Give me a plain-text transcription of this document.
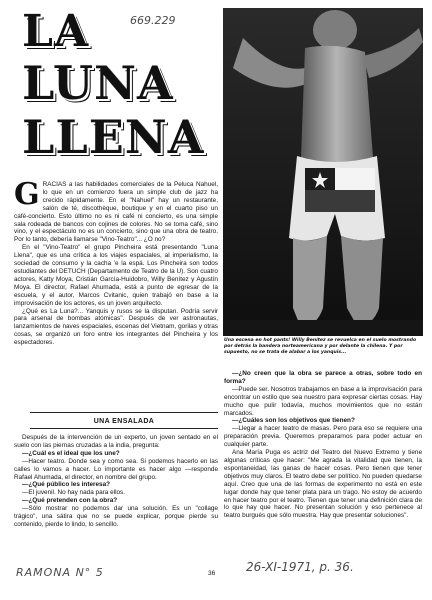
669.229
LA
LUNA
LLENA

Una escena en hot pants! Willy Benítez se revuelca en el suelo mostrando por detrás la bandera norteamericana y por delante la chilena. Y por supuesto, no se trata de alabar a los yanquis...

G RACIAS a las habilidades comerciales de la Peluca Nahuel, lo que en un comienzo fuera un simple club de jazz ha crecido rápidamente. En el "Nahuel" hay un restaurante, salón de té, discothèque, boutique y en el cuarto piso un café-concierto. Esto último no es ni café ni concierto, es una simple sala rodeada de bancos con cojines de colores. No se toma café, sino vino, y el espectáculo no es un concierto, sino que una obra de teatro. Por lo tanto, debería llamarse "Vino-Teatro"... ¿O no?

En el "Vino-Teatro" el grupo Pincheira está presentando "Luna Llena", que es una crítica a los viajes espaciales, al imperialismo, la sociedad de consumo y la cacha 'e la espá. Los Pincheira son todos estudiantes del DETUCH (Departamento de Teatro de la U). Son cuatro actores, Katty Moya, Cristián García-Huidobro, Willy Benítez y Agustín Moya. El director, Rafael Ahumada, está a punto de egresar de la escuela, y el autor, Marcos Cvitanic, quien trabajó en base a la improvisación de los actores, es un joven arquitecto.

¿Qué es La Luna?... Yanquis y rusos se la disputan. Podría servir para arsenal de bombas atómicas". Después de ver astronautas, lanzamientos de naves espaciales, escenas del Vietnam, gorilas y otras cosas, se organizó un foro entre los integrantes del Pincheira y los espectadores.

UNA ENSALADA

Después de la intervención de un experto, un joven sentado en el suelo con las piernas cruzadas a la india, pregunta:

—¿Cuál es el ideal que los une?

—Hacer teatro. Donde sea y como sea. Si podemos hacerlo en las calles lo vamos a hacer. Lo importante es hacer algo —responde Rafael Ahumada, el director, en nombre del grupo.

—¿Qué público les interesa?

—El juvenil. No hay nada para ellos.

—¿Qué pretenden con la obra?

—Sólo mostrar no podemos dar una solución. Es un "collage trágico", una sátira que no se puede explicar, porque pierde su contenido, pierde lo lindo, lo sencillo.

—¿No creen que la obra se parece a otras, sobre todo en forma?

—Puede ser. Nosotros trabajamos en base a la improvisación para encontrar un estilo que sea nuestro para expresar ciertas cosas. Hay mucho que pulir todavía, muchos movimientos que no están marcados.

—¿Cuáles son los objetivos que tienen?

—Llegar a hacer teatro de masas. Pero para eso se requiere una preparación previa. Queremos prepararnos para poder actuar en cualquier parte.

Ana María Puga es actriz del Teatro del Nuevo Extremo y tiene algunas críticas que hacer: "Me agrada la vitalidad que tienen, la espontaneidad, las ganas de hacer cosas. Pero tienen que tener objetivos muy claros. El teatro debe ser político. No pueden quedarse aquí. Creo que una de las formas de experimento no está en este lugar donde hay que tener plata para un trago. No estoy de acuerdo en hacer teatro por el teatro. Tienen que tener una definición clara de lo que hay que hacer. No presentan solución y eso pertenece al teatro burgués que sólo muestra. Hay que presentar soluciones".

36
RAMONA N° 5	26-XI-1971, p. 36.
